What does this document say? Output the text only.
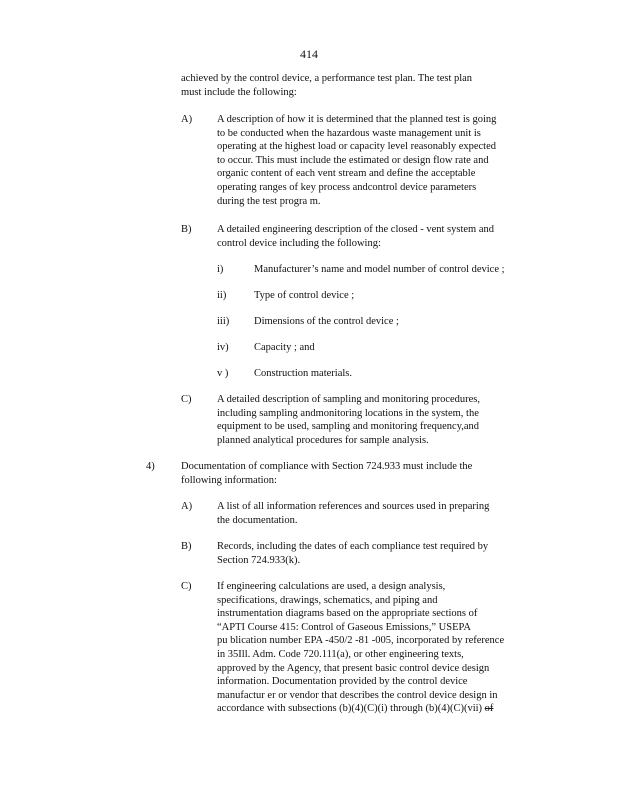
414
achieved by the control device, a performance test plan. The test plan
must include the following:
A) A description of how it is determined that the planned test is going
to be conducted when the hazardous waste management unit is
operating at the highest load or capacity level reasonably expected
to occur. This must include the estimated or design flow rate and
organic content of each vent stream and define the acceptable
operating ranges of key process andcontrol device parameters
during the test progra m.
B) A detailed engineering description of the closed - vent system and
control device including the following:
i)	Manufacturer’s name and model number of control device ;
ii)	Type of control device ;
iii) Dimensions of the control device ;
iv) Capacity ; and
v ) Construction materials.
C) A detailed description of sampling and monitoring procedures,
including sampling andmonitoring locations in the system, the
equipment to be used, sampling and monitoring frequency,and
planned analytical procedures for sample analysis.
4)	Documentation of compliance with Section 724.933 must include the
following information:
A) A list of all information references and sources used in preparing
the documentation.
B) Records, including the dates of each compliance test required by
Section 724.933(k).
C) If engineering calculations are used, a design analysis,
specifications, drawings, schematics, and piping and
instrumentation diagrams based on the appropriate sections of
“APTI Course 415: Control of Gaseous Emissions,” USEPA
pu blication number EPA -450/2 -81 -005, incorporated by reference
in 35Ill. Adm. Code 720.111(a), or other engineering texts,
approved by the Agency, that present basic control device design
information. Documentation provided by the control device
manufactur er or vendor that describes the control device design in
accordance with subsections (b)(4)(C)(i) through (b)(4)(C)(vii) of
